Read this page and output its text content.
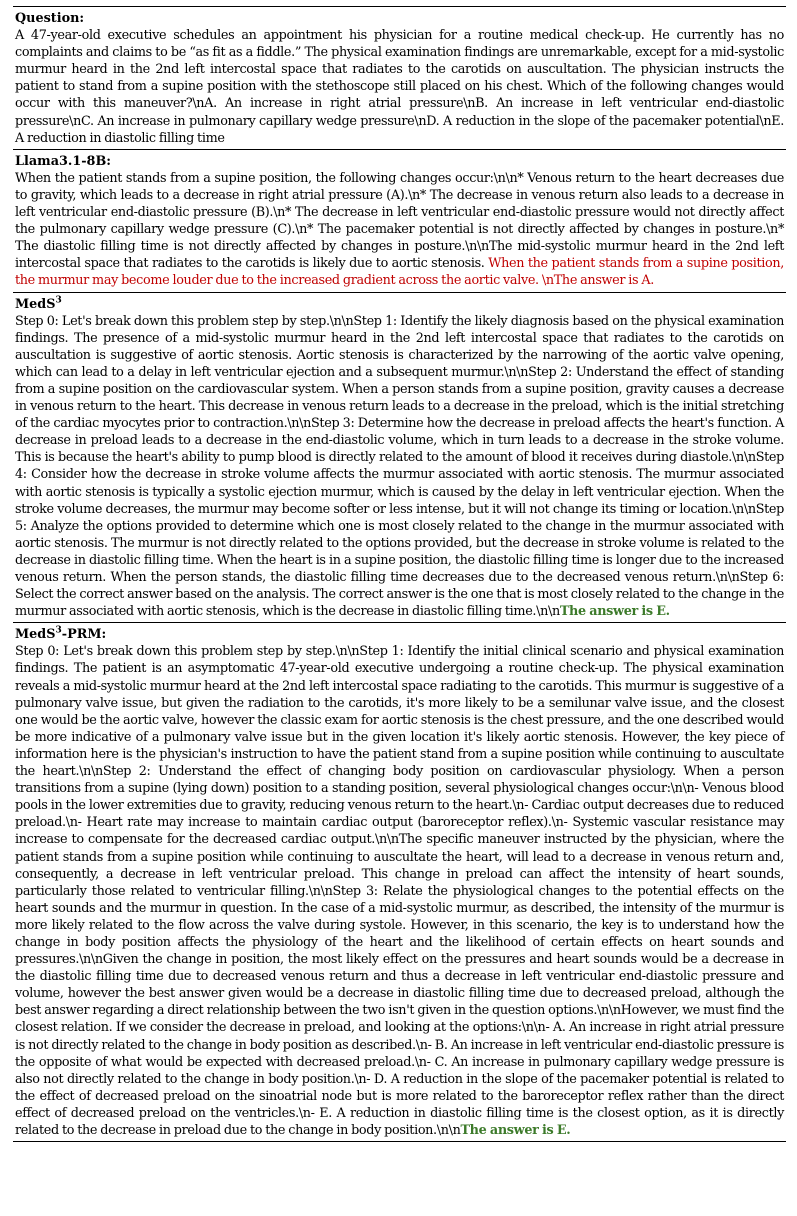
Question:
A 47-year-old executive schedules an appointment his physician for a routine medical check-up. He currently has no complaints and claims to be “as fit as a fiddle.” The physical examination findings are unremarkable, except for a mid-systolic murmur heard in the 2nd left intercostal space that radiates to the carotids on auscultation. The physician instructs the patient to stand from a supine position with the stethoscope still placed on his chest. Which of the following changes would occur with this maneuver?\nA. An increase in right atrial pressure\nB. An increase in left ventricular end-diastolic pressure\nC. An increase in pulmonary capillary wedge pressure\nD. A reduction in the slope of the pacemaker potential\nE. A reduction in diastolic filling time
Llama3.1-8B:
When the patient stands from a supine position, the following changes occur:\n\n* Venous return to the heart decreases due to gravity, which leads to a decrease in right atrial pressure (A).\n* The decrease in venous return also leads to a decrease in left ventricular end-diastolic pressure (B).\n* The decrease in left ventricular end-diastolic pressure would not directly affect the pulmonary capillary wedge pressure (C).\n* The pacemaker potential is not directly affected by changes in posture.\n* The diastolic filling time is not directly affected by changes in posture.\n\nThe mid-systolic murmur heard in the 2nd left intercostal space that radiates to the carotids is likely due to aortic stenosis. When the patient stands from a supine position, the murmur may become louder due to the increased gradient across the aortic valve. \nThe answer is A.
MedS$^3$
Step 0: Let's break down this problem step by step.\n\nStep 1: Identify the likely diagnosis based on the physical examination findings. The presence of a mid-systolic murmur heard in the 2nd left intercostal space that radiates to the carotids on auscultation is suggestive of aortic stenosis. Aortic stenosis is characterized by the narrowing of the aortic valve opening, which can lead to a delay in left ventricular ejection and a subsequent murmur.\n\nStep 2: Understand the effect of standing from a supine position on the cardiovascular system. When a person stands from a supine position, gravity causes a decrease in venous return to the heart. This decrease in venous return leads to a decrease in the preload, which is the initial stretching of the cardiac myocytes prior to contraction.\n\nStep 3: Determine how the decrease in preload affects the heart's function. A decrease in preload leads to a decrease in the end-diastolic volume, which in turn leads to a decrease in the stroke volume. This is because the heart's ability to pump blood is directly related to the amount of blood it receives during diastole.\n\nStep 4: Consider how the decrease in stroke volume affects the murmur associated with aortic stenosis. The murmur associated with aortic stenosis is typically a systolic ejection murmur, which is caused by the delay in left ventricular ejection. When the stroke volume decreases, the murmur may become softer or less intense, but it will not change its timing or location.\n\nStep 5: Analyze the options provided to determine which one is most closely related to the change in the murmur associated with aortic stenosis. The murmur is not directly related to the options provided, but the decrease in stroke volume is related to the decrease in diastolic filling time. When the heart is in a supine position, the diastolic filling time is longer due to the increased venous return. When the person stands, the diastolic filling time decreases due to the decreased venous return.\n\nStep 6: Select the correct answer based on the analysis. The correct answer is the one that is most closely related to the change in the murmur associated with aortic stenosis, which is the decrease in diastolic filling time.\n\nThe answer is E.
MedS$^3$-PRM:
Step 0: Let's break down this problem step by step.\n\nStep 1: Identify the initial clinical scenario and physical examination findings. The patient is an asymptomatic 47-year-old executive undergoing a routine check-up. The physical examination reveals a mid-systolic murmur heard at the 2nd left intercostal space radiating to the carotids. This murmur is suggestive of a pulmonary valve issue, but given the radiation to the carotids, it's more likely to be a semilunar valve issue, and the closest one would be the aortic valve, however the classic exam for aortic stenosis is the chest pressure, and the one described would be more indicative of a pulmonary valve issue but in the given location it's likely aortic stenosis. However, the key piece of information here is the physician's instruction to have the patient stand from a supine position while continuing to auscultate the heart.\n\nStep 2: Understand the effect of changing body position on cardiovascular physiology. When a person transitions from a supine (lying down) position to a standing position, several physiological changes occur:\n\n- Venous blood pools in the lower extremities due to gravity, reducing venous return to the heart.\n- Cardiac output decreases due to reduced preload.\n- Heart rate may increase to maintain cardiac output (baroreceptor reflex).\n- Systemic vascular resistance may increase to compensate for the decreased cardiac output.\n\nThe specific maneuver instructed by the physician, where the patient stands from a supine position while continuing to auscultate the heart, will lead to a decrease in venous return and, consequently, a decrease in left ventricular preload. This change in preload can affect the intensity of heart sounds, particularly those related to ventricular filling.\n\nStep 3: Relate the physiological changes to the potential effects on the heart sounds and the murmur in question. In the case of a mid-systolic murmur, as described, the intensity of the murmur is more likely related to the flow across the valve during systole. However, in this scenario, the key is to understand how the change in body position affects the physiology of the heart and the likelihood of certain effects on heart sounds and pressures.\n\nGiven the change in position, the most likely effect on the pressures and heart sounds would be a decrease in the diastolic filling time due to decreased venous return and thus a decrease in left ventricular end-diastolic pressure and volume, however the best answer given would be a decrease in diastolic filling time due to decreased preload, although the best answer regarding a direct relationship between the two isn't given in the question options.\n\nHowever, we must find the closest relation. If we consider the decrease in preload, and looking at the options:\n\n- A. An increase in right atrial pressure is not directly related to the change in body position as described.\n- B. An increase in left ventricular end-diastolic pressure is the opposite of what would be expected with decreased preload.\n- C. An increase in pulmonary capillary wedge pressure is also not directly related to the change in body position.\n- D. A reduction in the slope of the pacemaker potential is related to the effect of decreased preload on the sinoatrial node but is more related to the baroreceptor reflex rather than the direct effect of decreased preload on the ventricles.\n- E. A reduction in diastolic filling time is the closest option, as it is directly related to the decrease in preload due to the change in body position.\n\nThe answer is E.
